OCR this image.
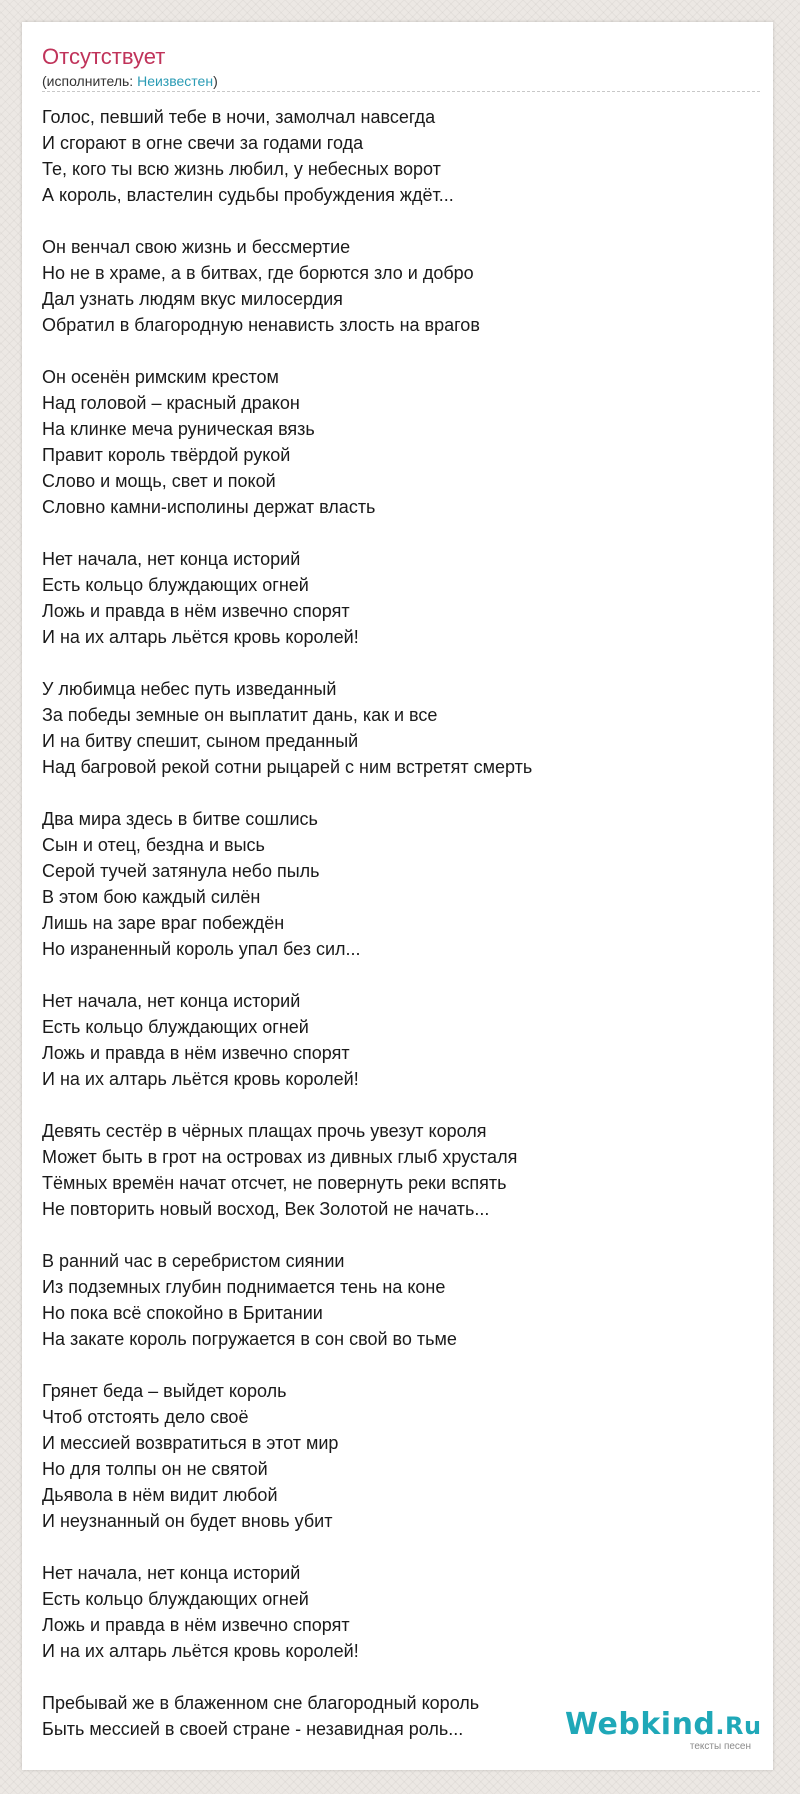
Отсутствует
(исполнитель: Неизвестен)
Голос, певший тебе в ночи, замолчал навсегда
И сгорают в огне свечи за годами года
Те, кого ты всю жизнь любил, у небесных ворот
А король, властелин судьбы пробуждения ждёт...
Он венчал свою жизнь и бессмертие
Но не в храме, а в битвах, где борются зло и добро
Дал узнать людям вкус милосердия
Обратил в благородную ненависть злость на врагов
Он осенён римским крестом
Над головой – красный дракон
На клинке меча руническая вязь
Правит король твёрдой рукой
Слово и мощь, свет и покой
Словно камни-исполины держат власть
Нет начала, нет конца историй
Есть кольцо блуждающих огней
Ложь и правда в нём извечно спорят
И на их алтарь льётся кровь королей!
У любимца небес путь изведанный
За победы земные он выплатит дань, как и все
И на битву спешит, сыном преданный
Над багровой рекой сотни рыцарей с ним встретят смерть
Два мира здесь в битве сошлись
Сын и отец, бездна и высь
Серой тучей затянула небо пыль
В этом бою каждый силён
Лишь на заре враг побеждён
Но израненный король упал без сил...
Нет начала, нет конца историй
Есть кольцо блуждающих огней
Ложь и правда в нём извечно спорят
И на их алтарь льётся кровь королей!
Девять сестёр в чёрных плащах прочь увезут короля
Может быть в грот на островах из дивных глыб хрусталя
Тёмных времён начат отсчет, не повернуть реки вспять
Не повторить новый восход, Век Золотой не начать...
В ранний час в серебристом сиянии
Из подземных глубин поднимается тень на коне
Но пока всё спокойно в Британии
На закате король погружается в сон свой во тьме
Грянет беда – выйдет король
Чтоб отстоять дело своё
И мессией возвратиться в этот мир
Но для толпы он не святой
Дьявола в нём видит любой
И неузнанный он будет вновь убит
Нет начала, нет конца историй
Есть кольцо блуждающих огней
Ложь и правда в нём извечно спорят
И на их алтарь льётся кровь королей!
Пребывай же в блаженном сне благородный король
Быть мессией в своей стране - незавидная роль...	Webkind.Ru
тексты песен
